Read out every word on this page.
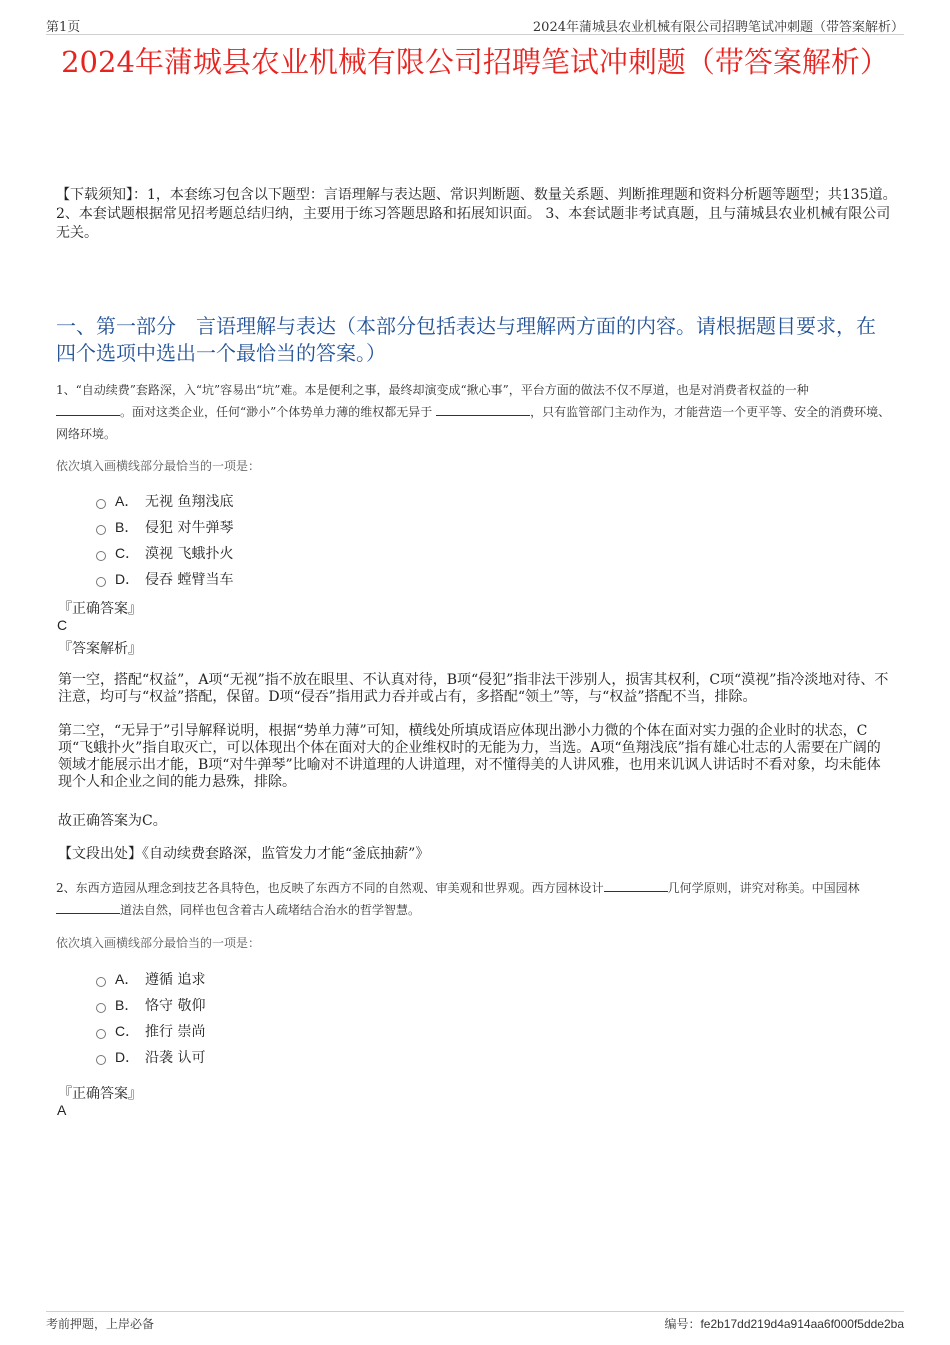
第1页	2024年蒲城县农业机械有限公司招聘笔试冲刺题（带答案解析）
2024年蒲城县农业机械有限公司招聘笔试冲刺题（带答案解析）
【下载须知】：1，本套练习包含以下题型：言语理解与表达题、常识判断题、数量关系题、判断推理题和资料分析题等题型；共135道。 2、本套试题根据常见招考题总结归纳，主要用于练习答题思路和拓展知识面。 3、本套试题非考试真题，且与蒲城县农业机械有限公司无关。
一、第一部分　言语理解与表达（本部分包括表达与理解两方面的内容。请根据题目要求，在四个选项中选出一个最恰当的答案。）
1、“自动续费”套路深，入“坑”容易出“坑”难。本是便利之事，最终却演变成“揪心事”，平台方面的做法不仅不厚道，也是对消费者权益的一种
。面对这类企业，任何“渺小”个体势单力薄的维权都无异于	，只有监管部门主动作为，才能营造一个更平等、安全的消费环境、网络环境。
依次填入画横线部分最恰当的一项是：
A． 无视 鱼翔浅底
B． 侵犯 对牛弹琴
C． 漠视 飞蛾扑火
D． 侵吞 螳臂当车
『正确答案』
C
『答案解析』
第一空，搭配“权益”，A项“无视”指不放在眼里、不认真对待，B项“侵犯”指非法干涉别人，损害其权利，C项“漠视”指冷淡地对待、不注意，均可与“权益”搭配，保留。D项“侵吞”指用武力吞并或占有，多搭配“领土”等，与“权益”搭配不当，排除。
第二空，“无异于”引导解释说明，根据“势单力薄”可知，横线处所填成语应体现出渺小力微的个体在面对实力强的企业时的状态，C项“飞蛾扑火”指自取灭亡，可以体现出个体在面对大的企业维权时的无能为力，当选。A项“鱼翔浅底”指有雄心壮志的人需要在广阔的领域才能展示出才能，B项“对牛弹琴”比喻对不讲道理的人讲道理，对不懂得美的人讲风雅，也用来讥讽人讲话时不看对象，均未能体现个人和企业之间的能力悬殊，排除。
故正确答案为C。
【文段出处】《自动续费套路深，监管发力才能“釜底抽薪”》
2、东西方造园从理念到技艺各具特色，也反映了东西方不同的自然观、审美观和世界观。西方园林设计	几何学原则，讲究对称美。中国园林
道法自然，同样也包含着古人疏堵结合治水的哲学智慧。
依次填入画横线部分最恰当的一项是：
A． 遵循 追求
B． 恪守 敬仰
C． 推行 崇尚
D． 沿袭 认可
『正确答案』
A
考前押题，上岸必备	编号：fe2b17dd219d4a914aa6f000f5dde2ba
